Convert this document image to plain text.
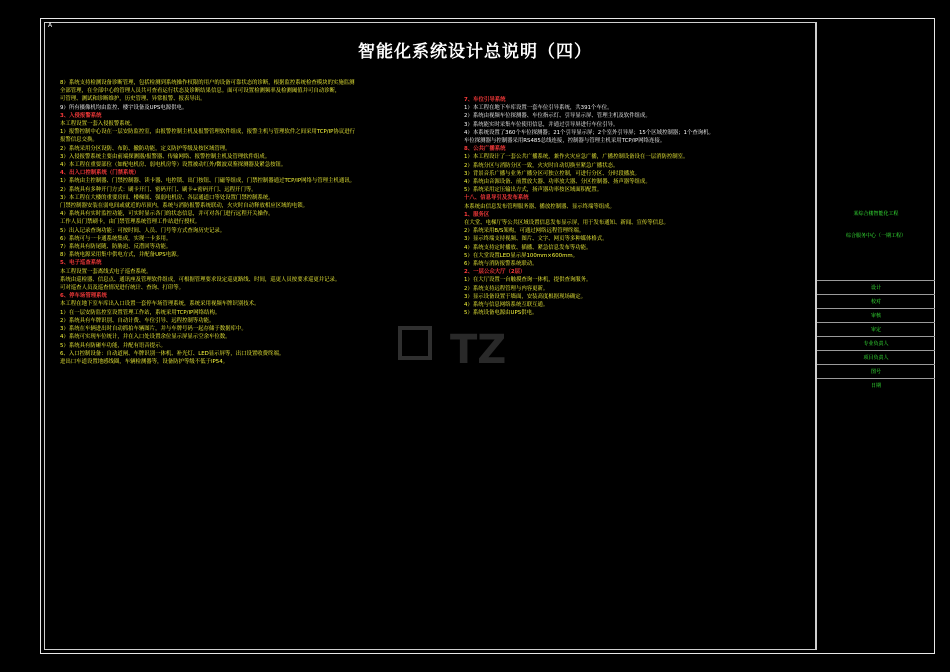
A
智能化系统设计总说明（四）

8）系统支持检测设备诊断管理，包括检测到系统操作权限的用户的设备可靠状态的诊断，根据监控系统检查模块的实施监测

全部管理，在全部中心的管理人员共可查看运行状态及诊断结果信息。面可可设置检测频率及检测阈值并可自动诊断，

可管理、测试和诊断维护，历史管理、异常报警、报表导出。

9）所有摄像机均由监控、楼宇设备及UPS电源供电。

3、入侵报警系统

本工程设置一套入侵报警系统。

1）报警控制中心设在一层安防监控室，由报警控制主机及报警管理软件组成，报警主机与管理软件之间采用TCP/IP协议进行

报警信息交换。

2）系统采用分区设防、布防、撤防功能，定义防护等级及按区域管理。

3）入侵报警系统主要由前端探测器/报警器、传输网络、报警控制主机及管理软件组成。

4）本工程在重要部位（如配电机房、弱电机房等）设置被动红外/微波双鉴探测器及紧急按钮。

4、出入口控制系统（门禁系统）

1）系统由主控制器、门禁控制器、读卡器、电控锁、出门按钮、门磁等组成，门禁控制器通过TCP/IP网络与管理主机通讯。

2）系统具有多种开门方式：刷卡开门、密码开门、刷卡+密码开门、远程开门等。

3）本工程在大楼的重要房间、楼梯间、强弱电机房、各层通道口等处设置门禁控制系统。

门禁控制器安装在弱电间或就近的吊顶内，系统与消防报警系统联动，火灾时自动释放相应区域的电锁。

4）系统具有实时监控功能，可实时显示各门的状态信息，并可对各门进行远程开关操作。

工作人员门禁刷卡，由门禁管理系统管理工作站进行授权。

5）出入记录查询功能：可按时间、人员、门号等方式查询历史记录。

6）系统可与一卡通系统集成，实现一卡多用。

7）系统具有防尾随、防胁迫、反潜回等功能。

8）系统电源采用集中供电方式，并配备UPS电源。

5、电子巡查系统

本工程设置一套离线式电子巡查系统。

系统由巡检器、信息点、通讯座及管理软件组成，可根据管理要求设定巡更路线、时间，巡更人员按要求巡更并记录。

可对巡查人员及巡查情况进行统计、查询、打印等。

6、停车场管理系统

本工程在地下室车库出入口设置一套停车场管理系统，系统采用视频车牌识别技术。

1）在一层安防监控室设置管理工作站，系统采用TCP/IP网络结构。

2）系统具有车牌识别、自动计费、车位引导、远程控制等功能。

3）系统在车辆进出时自动抓拍车辆图片，并与车牌号码一起存储于数据库中。

4）系统可实现车位统计，并在入口处设置余位显示屏显示空余车位数。

5）系统具有防砸车功能，并配有语音提示。

6、入口控制设备：自动道闸、车牌识别一体机、补光灯、LED显示屏等，出口设置收费终端。

进出口车道设置地感线圈，车辆检测器等，设备防护等级不低于IP54。

7、车位引导系统

1）本工程在地下车库设置一套车位引导系统，共391个车位。

2）系统由视频车位探测器、车位指示灯、引导显示屏、管理主机及软件组成。

3）系统能实时采集车位使用信息，并通过引导屏进行车位引导。

4）本系统设置了360个车位探测器；21个引导显示屏；2个室外引导屏；15个区域控制器；1个查询机。

车位探测器与控制器采用RS485总线连接，控制器与管理主机采用TCP/IP网络连接。

8、公共广播系统

1）本工程设计了一套公共广播系统，兼作火灾应急广播，广播控制设备设在一层消防控制室。

2）系统分区与消防分区一致，火灾时自动切换至紧急广播状态。

3）背景音乐广播与业务广播分区可独立控制，可进行分区、分时段播放。

4）系统由音源设备、前置放大器、功率放大器、分区控制器、扬声器等组成。

5）系统采用定压输出方式，扬声器功率按区域面积配置。

十八、信息导引及发布系统

本系统由信息发布管理服务器、播放控制器、显示终端等组成。

1、服务区

在大堂、电梯厅等公共区域设置信息发布显示屏，用于发布通知、新闻、宣传等信息。

2）系统采用B/S架构，可通过网络远程管理终端。

3）显示终端支持视频、图片、文字、网页等多种媒体格式。

4）系统支持定时播放、插播、紧急信息发布等功能。

5）在大堂设置LED显示屏100mm×600mm。

6）系统与消防报警系统联动。

2、一层公众大厅（2层）

1）在大厅设置一台触摸查询一体机，提供查询服务。

2）系统支持远程管理与内容更新。

3）显示设备设置于墙面，安装高度根据现场确定。

4）系统与信息网络系统互联互通。

5）系统设备电源由UPS供电。

某综合楼智能化工程
综合服务中心（一期工程）
设计
校对
审核
审定
专业负责人
项目负责人
图号
日期
TZ
